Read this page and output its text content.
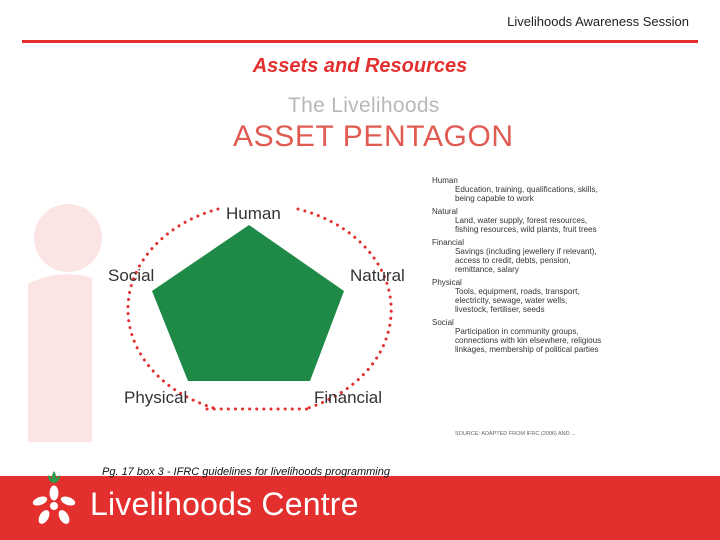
Livelihoods Awareness Session
Assets and Resources
The Livelihoods
ASSET PENTAGON
Human
Social	Natural
Physical	Financial
Human
Education, training, qualifications, skills,
being capable to work
Natural
Land, water supply, forest resources,
fishing resources, wild plants, fruit trees
Financial
Savings (including jewellery if relevant),
access to credit, debts, pension,
remittance, salary
Physical
Tools, equipment, roads, transport,
electricity, sewage, water wells,
livestock, fertiliser, seeds
Social
Participation in community groups,
connections with kin elsewhere, religious
linkages, membership of political parties
SOURCE: ADAPTED FROM IFRC (2006) AND ...
Pg. 17 box 3 - IFRC guidelines for livelihoods programming
Livelihoods Centre
